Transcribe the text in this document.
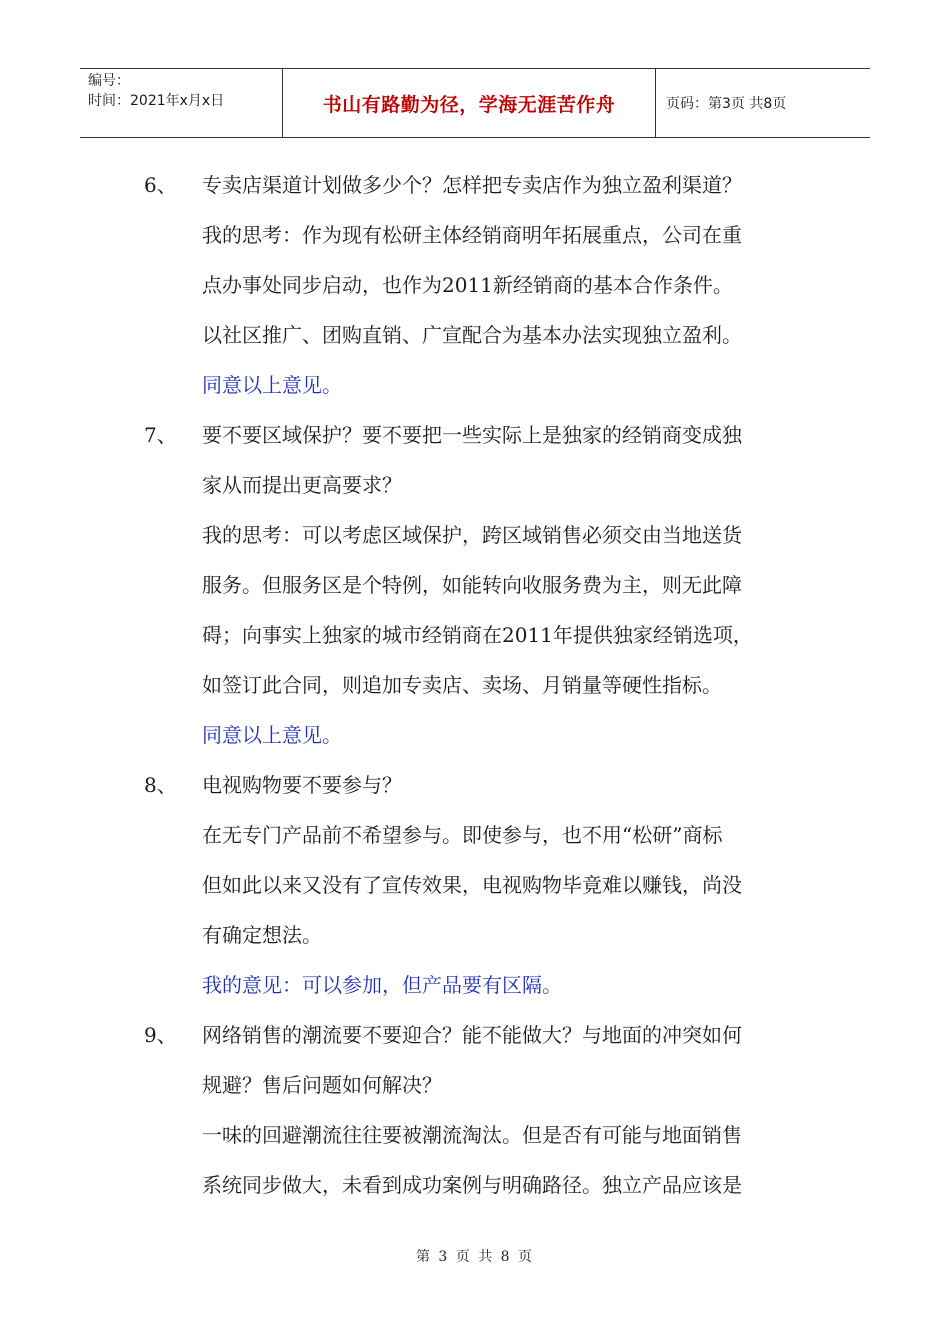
编号：
时间：2021年x月x日	书山有路勤为径，学海无涯苦作舟	页码：第3页 共8页
6、 专卖店渠道计划做多少个？怎样把专卖店作为独立盈利渠道？
我的思考：作为现有松研主体经销商明年拓展重点，公司在重
点办事处同步启动，也作为2011新经销商的基本合作条件。
以社区推广、团购直销、广宣配合为基本办法实现独立盈利。
同意以上意见。
7、 要不要区域保护？要不要把一些实际上是独家的经销商变成独
家从而提出更高要求？
我的思考：可以考虑区域保护，跨区域销售必须交由当地送货
服务。但服务区是个特例，如能转向收服务费为主，则无此障
碍；向事实上独家的城市经销商在2011年提供独家经销选项，
如签订此合同，则追加专卖店、卖场、月销量等硬性指标。
同意以上意见。
8、 电视购物要不要参与？
在无专门产品前不希望参与。即使参与，也不用“松研”商标
但如此以来又没有了宣传效果，电视购物毕竟难以赚钱，尚没
有确定想法。
我的意见：可以参加，但产品要有区隔。
9、 网络销售的潮流要不要迎合？能不能做大？与地面的冲突如何
规避？售后问题如何解决？
一味的回避潮流往往要被潮流淘汰。但是否有可能与地面销售
系统同步做大，未看到成功案例与明确路径。独立产品应该是
第 3 页 共 8 页
